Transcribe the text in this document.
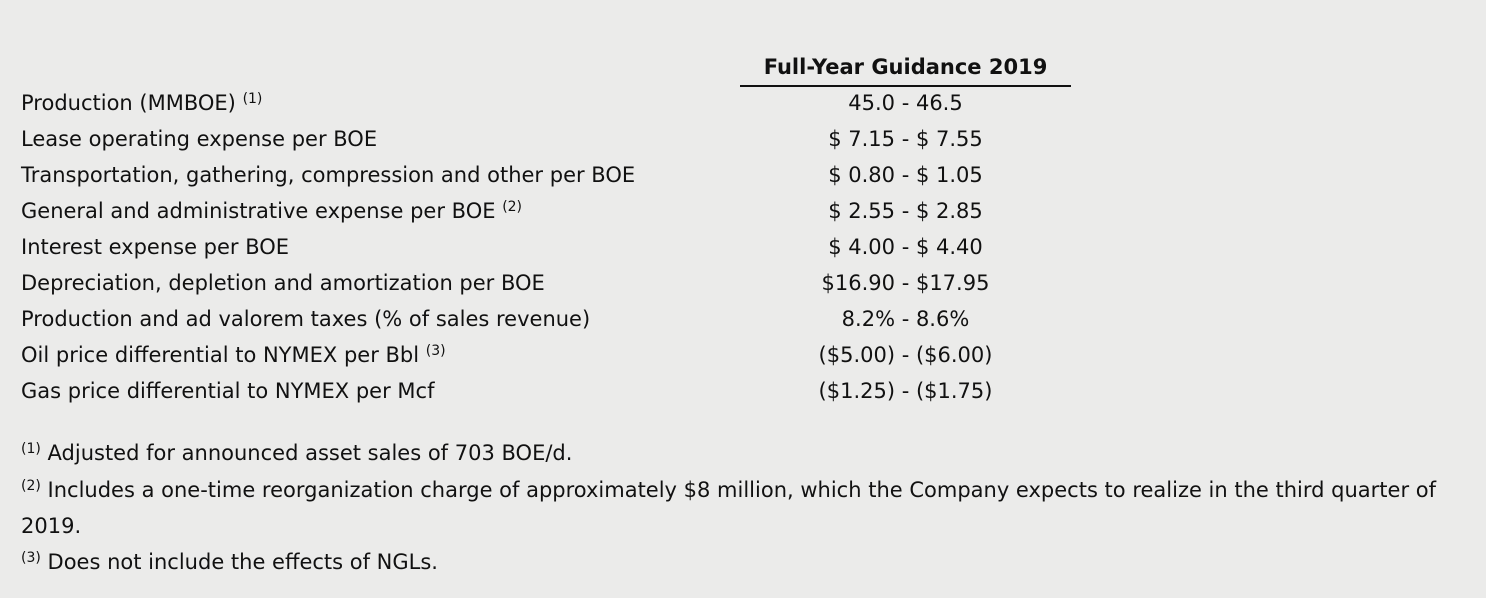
Full-Year Guidance 2019
Production (MMBOE) $^{(1)}$	45.0 - 46.5
Lease operating expense per BOE	$ 7.15 - $ 7.55
Transportation, gathering, compression and other per BOE	$ 0.80 - $ 1.05
General and administrative expense per BOE $^{(2)}$	$ 2.55 - $ 2.85
Interest expense per BOE	$ 4.00 - $ 4.40
Depreciation, depletion and amortization per BOE	$16.90 - $17.95
Production and ad valorem taxes (% of sales revenue)	8.2% - 8.6%
Oil price differential to NYMEX per Bbl $^{(3)}$	($5.00) - ($6.00)
Gas price differential to NYMEX per Mcf	($1.25) - ($1.75)
$^{(1)}$ Adjusted for announced asset sales of 703 BOE/d.
$^{(2)}$ Includes a one-time reorganization charge of approximately $8 million, which the Company expects to realize in the third quarter of 2019.
$^{(3)}$ Does not include the effects of NGLs.
